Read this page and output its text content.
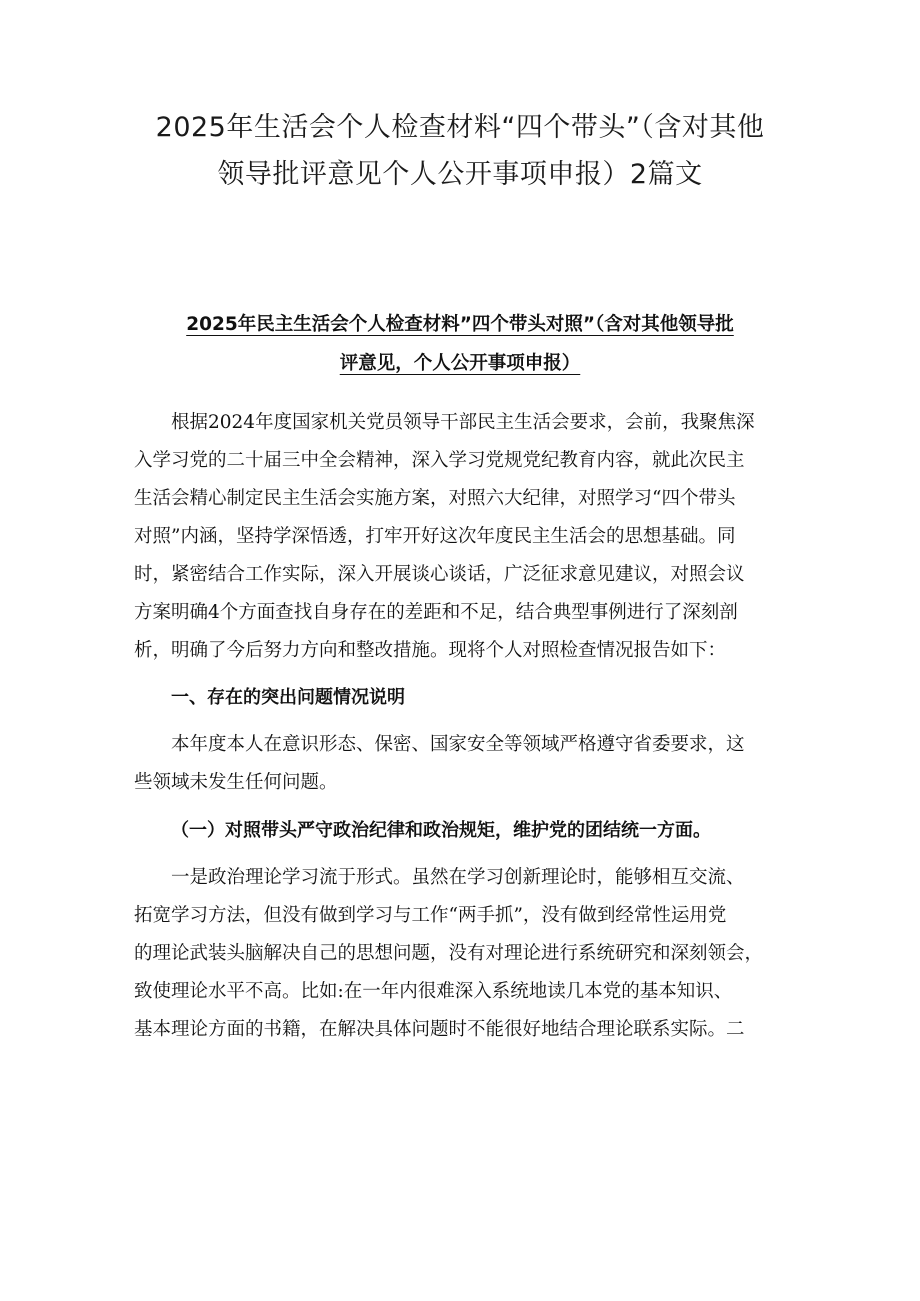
2025年生活会个人检查材料“四个带头”（含对其他
领导批评意见个人公开事项申报）2篇文
2025年民主生活会个人检查材料”四个带头对照”（含对其他领导批
评意见，个人公开事项申报）
根据2024年度国家机关党员领导干部民主生活会要求，会前，我聚焦深
入学习党的二十届三中全会精神，深入学习党规党纪教育内容，就此次民主
生活会精心制定民主生活会实施方案，对照六大纪律，对照学习“四个带头
对照”内涵，坚持学深悟透，打牢开好这次年度民主生活会的思想基础。同
时，紧密结合工作实际，深入开展谈心谈话，广泛征求意见建议，对照会议
方案明确4个方面查找自身存在的差距和不足，结合典型事例进行了深刻剖
析，明确了今后努力方向和整改措施。现将个人对照检查情况报告如下：
一、存在的突出问题情况说明
本年度本人在意识形态、保密、国家安全等领域严格遵守省委要求，这
些领域未发生任何问题。
（一）对照带头严守政治纪律和政治规矩，维护党的团结统一方面。
一是政治理论学习流于形式。虽然在学习创新理论时，能够相互交流、
拓宽学习方法，但没有做到学习与工作“两手抓”，没有做到经常性运用党
的理论武装头脑解决自己的思想问题，没有对理论进行系统研究和深刻领会，
致使理论水平不高。比如:在一年内很难深入系统地读几本党的基本知识、
基本理论方面的书籍，在解决具体问题时不能很好地结合理论联系实际。二
